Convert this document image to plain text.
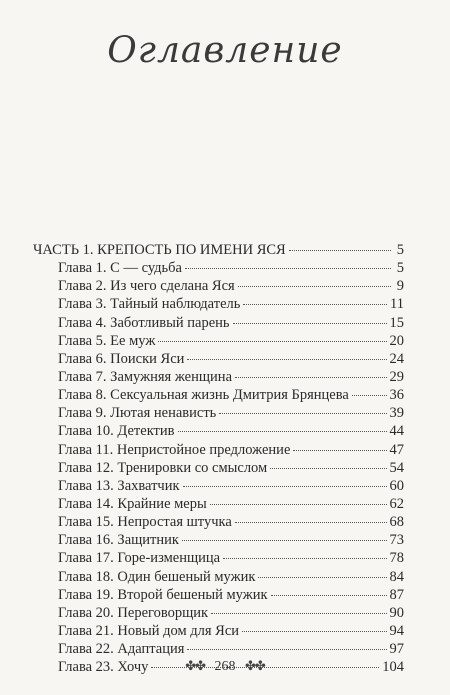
Оглавление
ЧАСТЬ 1. КРЕПОСТЬ ПО ИМЕНИ ЯСЯ	5
Глава 1. С — судьба	5
Глава 2. Из чего сделана Яся	9
Глава 3. Тайный наблюдатель	11
Глава 4. Заботливый парень	15
Глава 5. Ее муж	20
Глава 6. Поиски Яси	24
Глава 7. Замужняя женщина	29
Глава 8. Сексуальная жизнь Дмитрия Брянцева	36
Глава 9. Лютая ненависть	39
Глава 10. Детектив	44
Глава 11. Непристойное предложение	47
Глава 12. Тренировки со смыслом	54
Глава 13. Захватчик	60
Глава 14. Крайние меры	62
Глава 15. Непростая штучка	68
Глава 16. Защитник	73
Глава 17. Горе-изменщица	78
Глава 18. Один бешеный мужик	84
Глава 19. Второй бешеный мужик	87
Глава 20. Переговорщик	90
Глава 21. Новый дом для Яси	94
Глава 22. Адаптация	97
Глава 23. Хочу	104
✤✤ 268 ✤✤
